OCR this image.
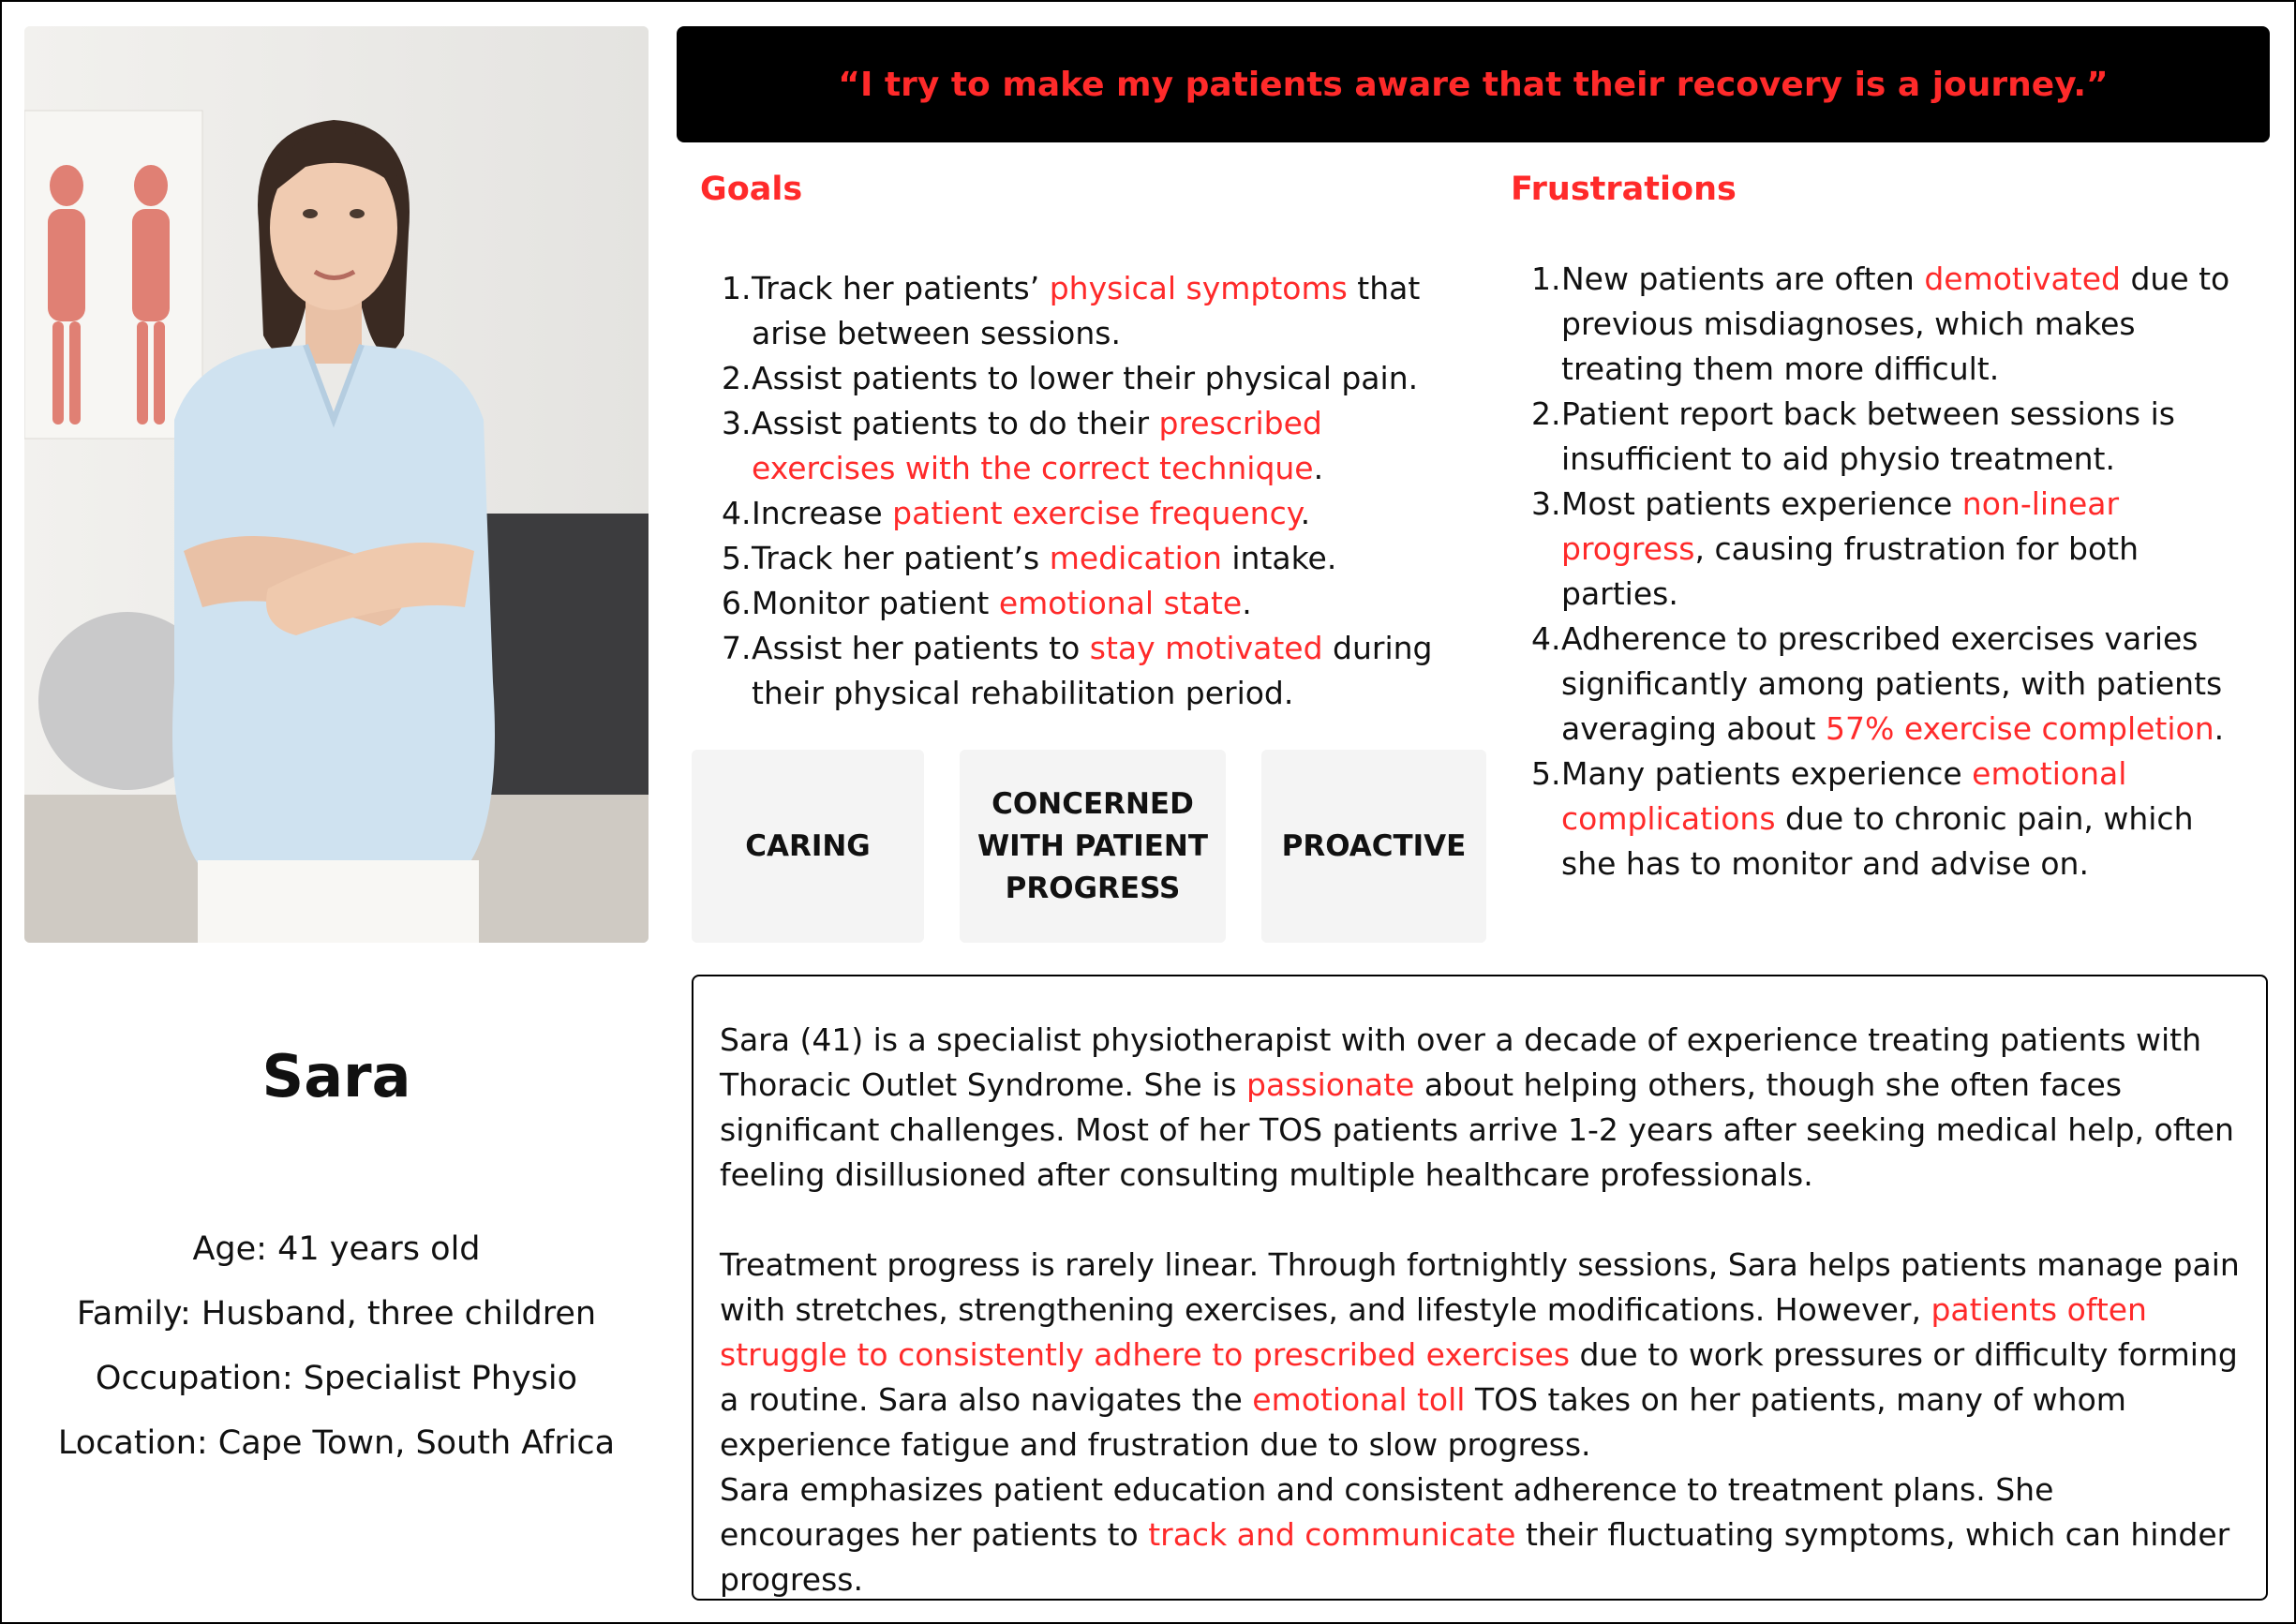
“I try to make my patients aware that their recovery is a journey.”
Goals
1. Track her patients’ physical symptoms that arise between sessions.
2. Assist patients to lower their physical pain.
3. Assist patients to do their prescribed exercises with the correct technique.
4. Increase patient exercise frequency.
5. Track her patient’s medication intake.
6. Monitor patient emotional state.
7. Assist her patients to stay motivated during their physical rehabilitation period.
Frustrations
1. New patients are often demotivated due to previous misdiagnoses, which makes treating them more difficult.
2. Patient report back between sessions is insufficient to aid physio treatment.
3. Most patients experience non-linear progress, causing frustration for both parties.
4. Adherence to prescribed exercises varies significantly among patients, with patients averaging about 57% exercise completion.
5. Many patients experience emotional complications due to chronic pain, which she has to monitor and advise on.
CARING
CONCERNED WITH PATIENT PROGRESS
PROACTIVE
Sara
Age: 41 years old
Family: Husband, three children
Occupation: Specialist Physio
Location: Cape Town, South Africa

Sara (41) is a specialist physiotherapist with over a decade of experience treating patients with Thoracic Outlet Syndrome. She is passionate about helping others, though she often faces significant challenges. Most of her TOS patients arrive 1-2 years after seeking medical help, often feeling disillusioned after consulting multiple healthcare professionals.

Treatment progress is rarely linear. Through fortnightly sessions, Sara helps patients manage pain with stretches, strengthening exercises, and lifestyle modifications. However, patients often struggle to consistently adhere to prescribed exercises due to work pressures or difficulty forming a routine. Sara also navigates the emotional toll TOS takes on her patients, many of whom experience fatigue and frustration due to slow progress.

Sara emphasizes patient education and consistent adherence to treatment plans. She encourages her patients to track and communicate their fluctuating symptoms, which can hinder progress.
